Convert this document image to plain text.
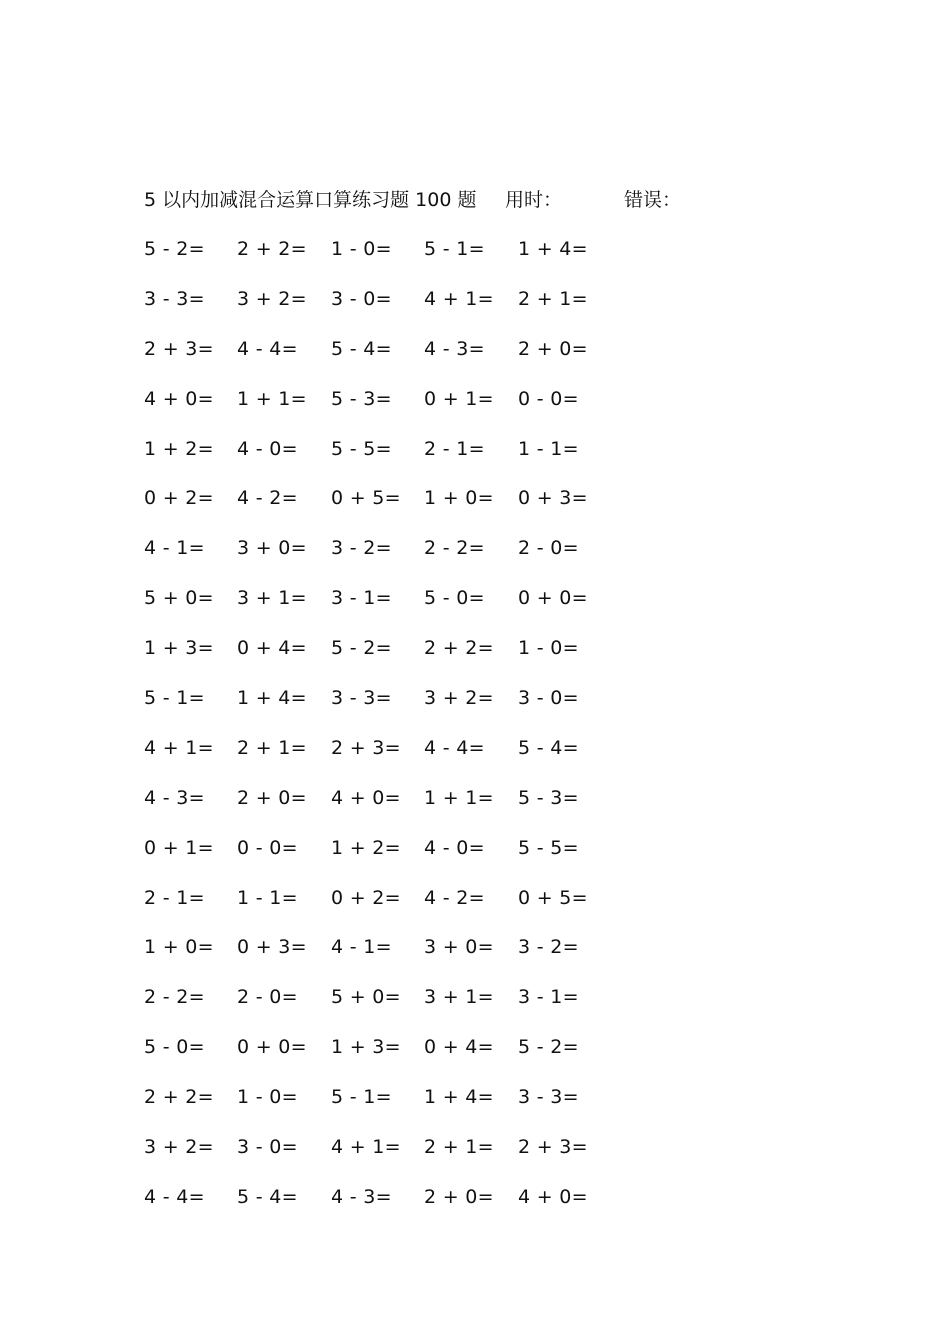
5 以内加减混合运算口算练习题 100 题 用时：	错误：
5 - 2= 2 + 2= 1 - 0= 5 - 1= 1 + 4=
3 - 3= 3 + 2= 3 - 0= 4 + 1= 2 + 1=
2 + 3= 4 - 4= 5 - 4= 4 - 3= 2 + 0=
4 + 0= 1 + 1= 5 - 3= 0 + 1= 0 - 0=
1 + 2= 4 - 0= 5 - 5= 2 - 1= 1 - 1=
0 + 2= 4 - 2= 0 + 5= 1 + 0= 0 + 3=
4 - 1= 3 + 0= 3 - 2= 2 - 2= 2 - 0=
5 + 0= 3 + 1= 3 - 1= 5 - 0= 0 + 0=
1 + 3= 0 + 4= 5 - 2= 2 + 2= 1 - 0=
5 - 1= 1 + 4= 3 - 3= 3 + 2= 3 - 0=
4 + 1= 2 + 1= 2 + 3= 4 - 4= 5 - 4=
4 - 3= 2 + 0= 4 + 0= 1 + 1= 5 - 3=
0 + 1= 0 - 0= 1 + 2= 4 - 0= 5 - 5=
2 - 1= 1 - 1= 0 + 2= 4 - 2= 0 + 5=
1 + 0= 0 + 3= 4 - 1= 3 + 0= 3 - 2=
2 - 2= 2 - 0= 5 + 0= 3 + 1= 3 - 1=
5 - 0= 0 + 0= 1 + 3= 0 + 4= 5 - 2=
2 + 2= 1 - 0= 5 - 1= 1 + 4= 3 - 3=
3 + 2= 3 - 0= 4 + 1= 2 + 1= 2 + 3=
4 - 4= 5 - 4= 4 - 3= 2 + 0= 4 + 0=
